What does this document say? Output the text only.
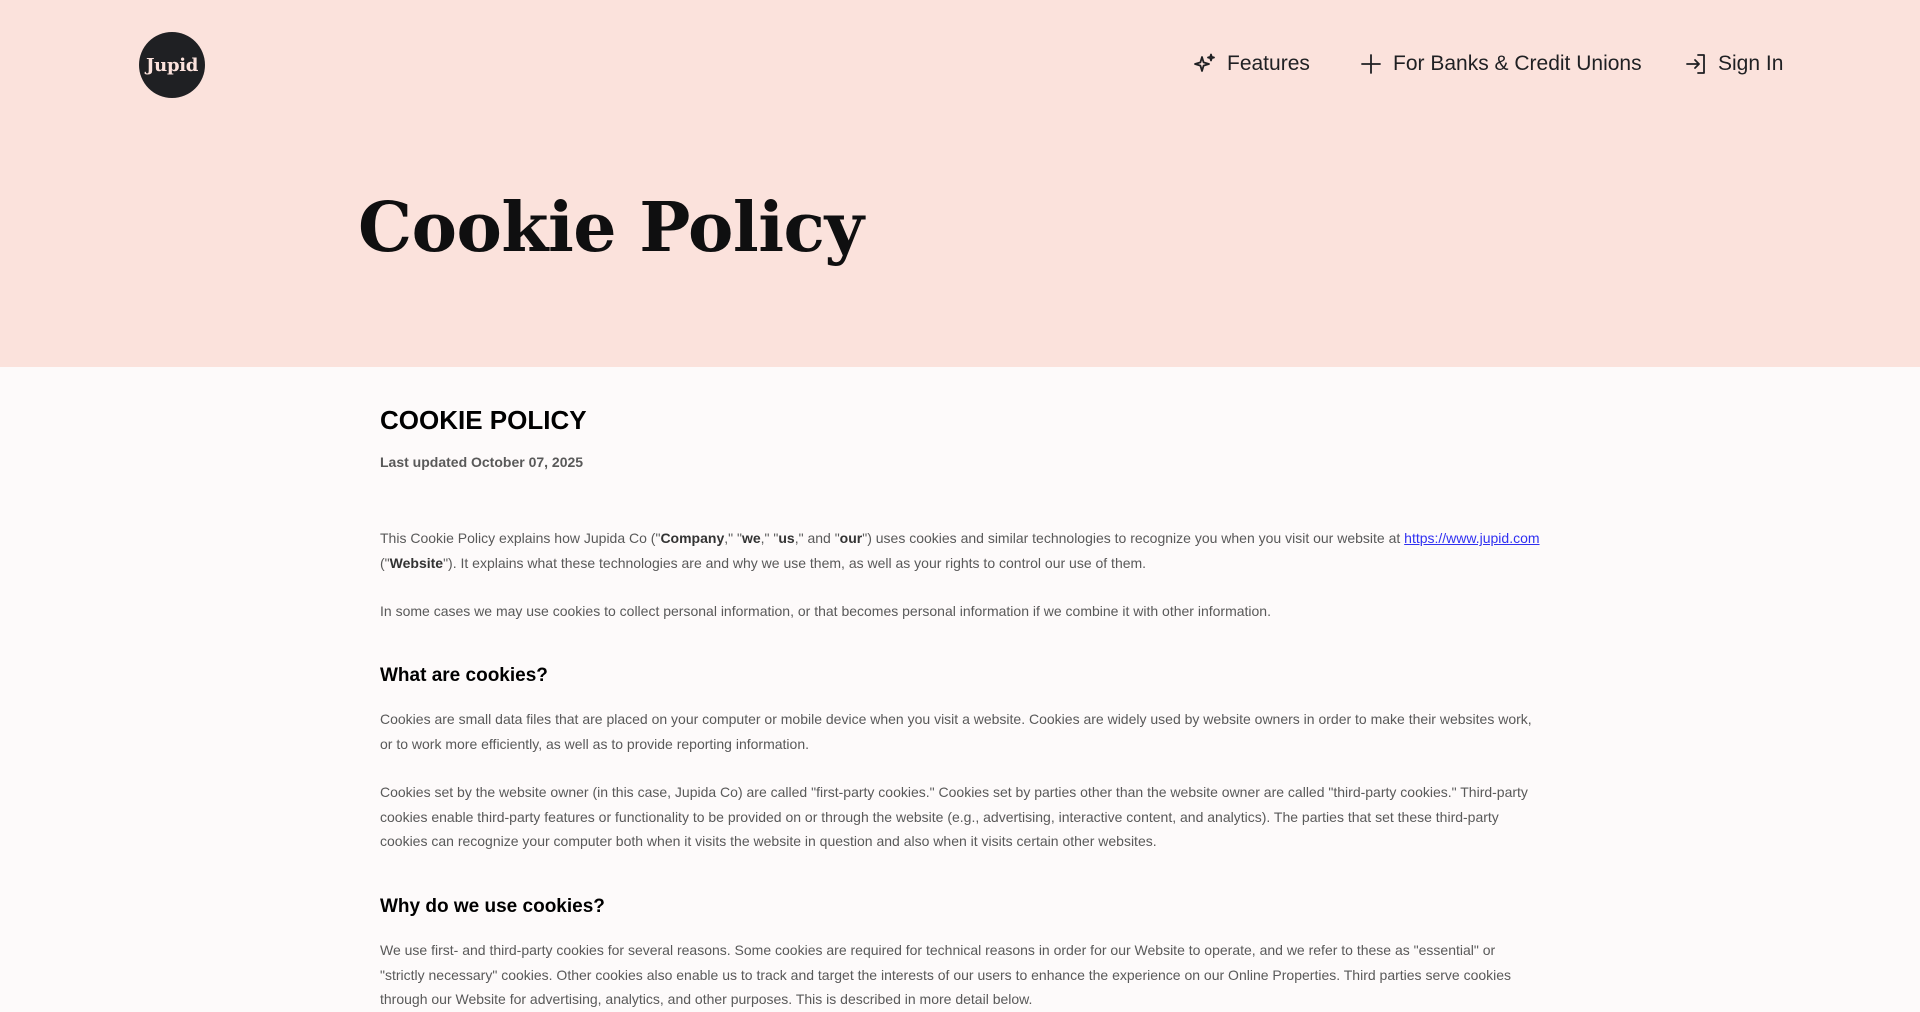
Jupid	Features	For Banks & Credit Unions	Sign In
Cookie Policy
COOKIE POLICY
Last updated October 07, 2025
This Cookie Policy explains how Jupida Co ("Company," "we," "us," and "our") uses cookies and similar technologies to recognize you when you visit our website at https://www.jupid.com ("Website"). It explains what these technologies are and why we use them, as well as your rights to control our use of them.
In some cases we may use cookies to collect personal information, or that becomes personal information if we combine it with other information.
What are cookies?
Cookies are small data files that are placed on your computer or mobile device when you visit a website. Cookies are widely used by website owners in order to make their websites work, or to work more efficiently, as well as to provide reporting information.
Cookies set by the website owner (in this case, Jupida Co) are called "first-party cookies." Cookies set by parties other than the website owner are called "third-party cookies." Third-party cookies enable third-party features or functionality to be provided on or through the website (e.g., advertising, interactive content, and analytics). The parties that set these third-party cookies can recognize your computer both when it visits the website in question and also when it visits certain other websites.
Why do we use cookies?
We use first- and third-party cookies for several reasons. Some cookies are required for technical reasons in order for our Website to operate, and we refer to these as "essential" or "strictly necessary" cookies. Other cookies also enable us to track and target the interests of our users to enhance the experience on our Online Properties. Third parties serve cookies through our Website for advertising, analytics, and other purposes. This is described in more detail below.
